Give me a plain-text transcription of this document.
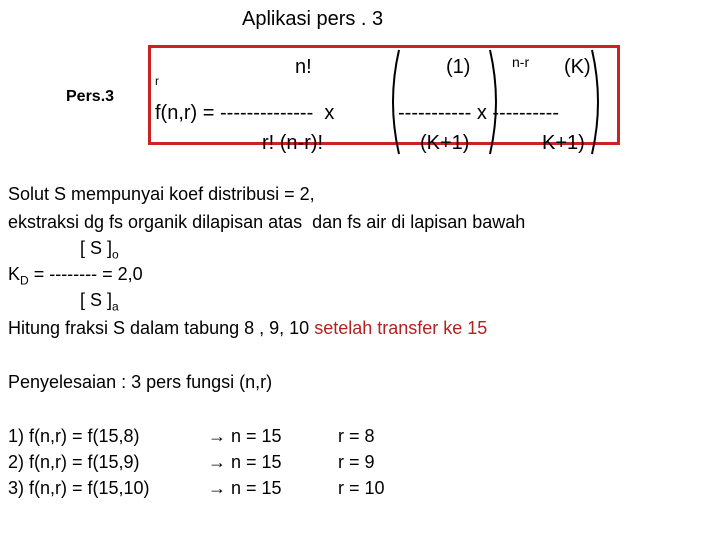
Aplikasi pers . 3
Pers.3
r
n!
f(n,r) = --------------  x
r! (n-r)!
(1)	n-r (K)
----------- x ----------
(K+1)	K+1)
Solut S mempunyai koef distribusi = 2,
ekstraksi dg fs organik dilapisan atas  dan fs air di lapisan bawah
[ S ]$_o$
$K_D$ = -------- = 2,0
[ S ]$_a$
Hitung fraksi S dalam tabung 8 , 9, 10 setelah transfer ke 15
Penyelesaian : 3 pers fungsi (n,r)
1) f(n,r) = f(15,8)
2) f(n,r) = f(15,9)
3) f(n,r) = f(15,10)
→ n = 15
→ n = 15
→ n = 15
r = 8
r = 9
r = 10
